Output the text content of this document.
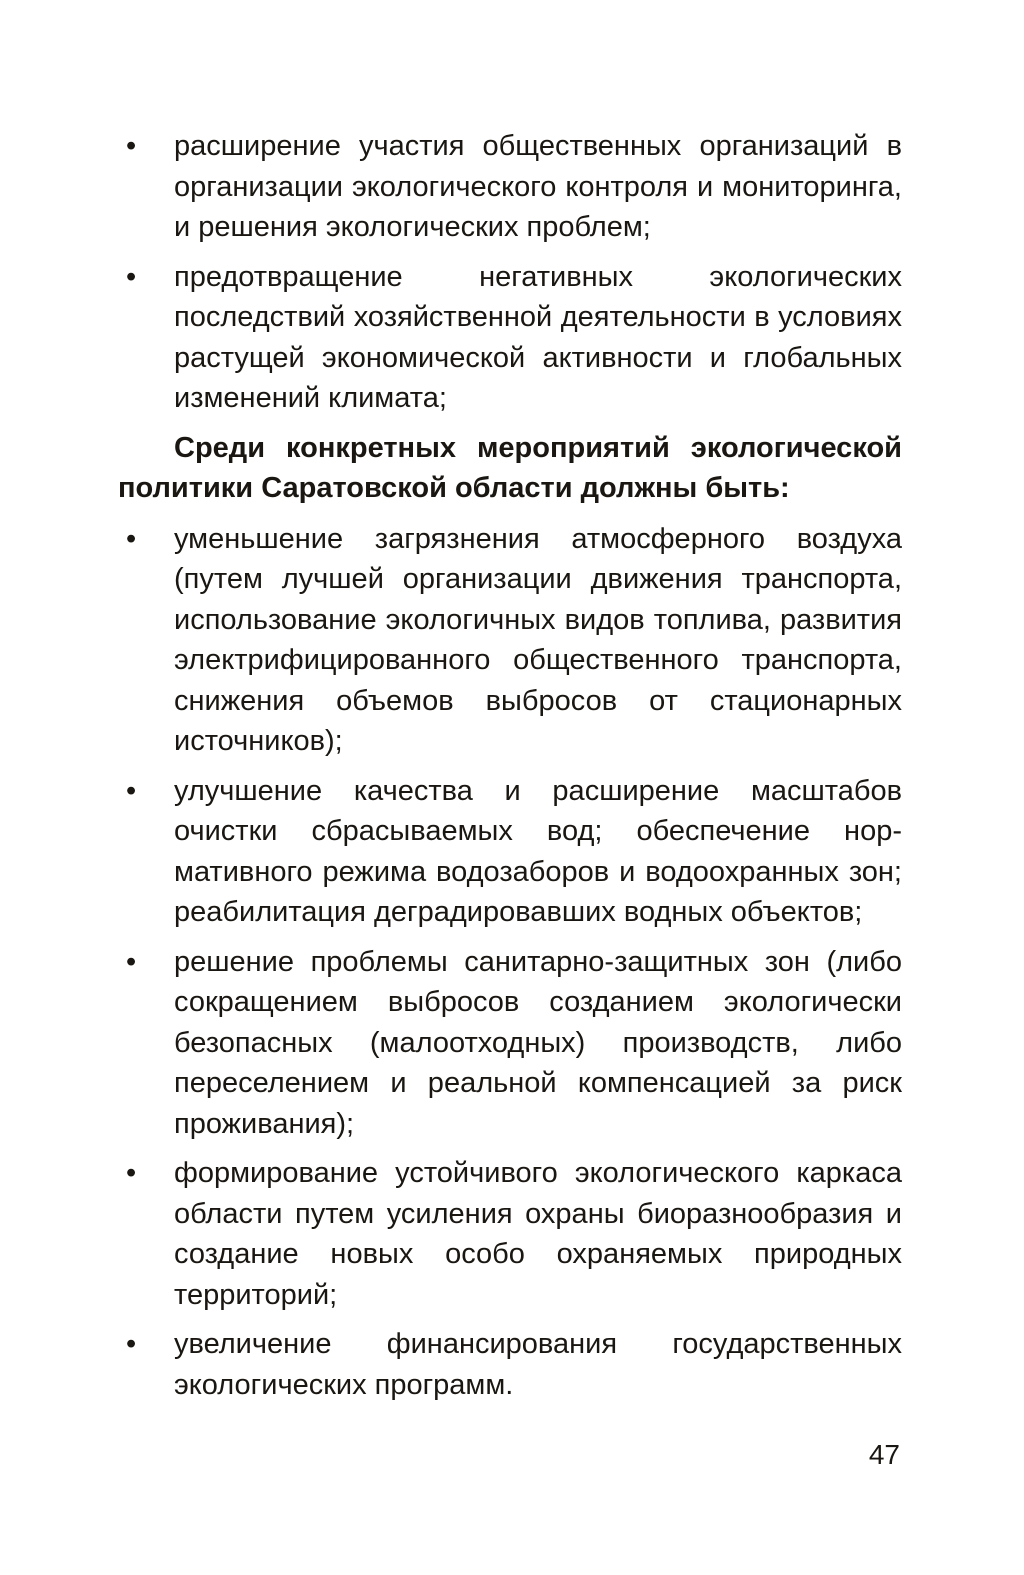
• расширение участия общественных организаций в организации экологического контроля и мониторинга, и решения экологических проблем;
• предотвращение негативных экологических последствий хозяйственной деятельности в условиях растущей экономической активности и глобальных изменений климата;

Среди конкретных мероприятий экологической политики Саратовской области должны быть:

• уменьшение загрязнения атмосферного воздуха (путем лучшей организации движения транспорта, использование экологичных видов топлива, развития электрифицированного общественного транспорта, снижения объемов выбросов от стационарных источников);
• улучшение качества и расширение масштабов очистки сбрасываемых вод; обеспечение нормативного режима водозаборов и водоохранных зон; реабилитация деградировавших водных объектов;
• решение проблемы санитарно-защитных зон (либо сокращением выбросов созданием экологически безопасных (малоотходных) производств, либо переселением и реальной компенсацией за риск проживания);
• формирование устойчивого экологического каркаса области путем усиления охраны биоразнообразия и создание новых особо охраняемых природных территорий;
• увеличение финансирования государственных экологических программ.
47
